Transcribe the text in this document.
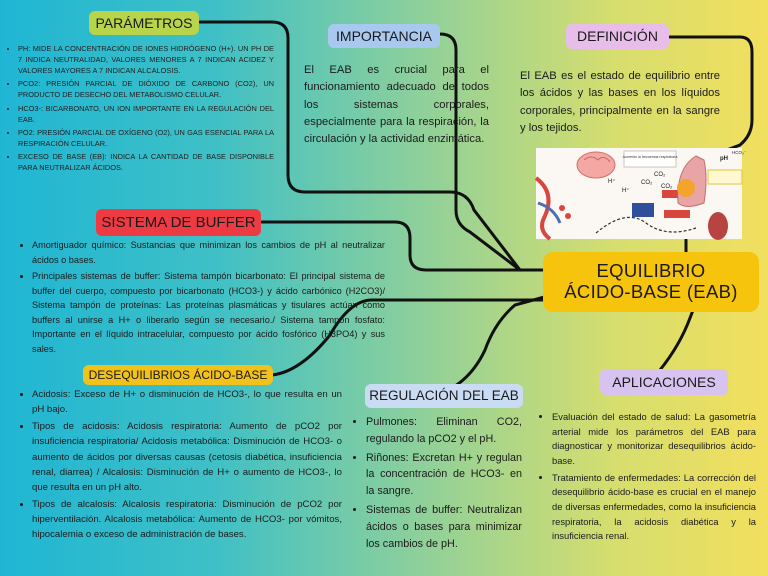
PARÁMETROS
• PH: MIDE LA CONCENTRACIÓN DE IONES HIDRÓGENO (H+). UN PH DE 7 INDICA NEUTRALIDAD, VALORES MENORES A 7 INDICAN ACIDEZ Y VALORES MAYORES A 7 INDICAN ALCALOSIS.
• PCO2: PRESIÓN PARCIAL DE DIÓXIDO DE CARBONO (CO2), UN PRODUCTO DE DESECHO DEL METABOLISMO CELULAR.
• HCO3-: BICARBONATO, UN ION IMPORTANTE EN LA REGULACIÓN DEL EAB.
• PO2: PRESIÓN PARCIAL DE OXÍGENO (O2), UN GAS ESENCIAL PARA LA RESPIRACIÓN CELULAR.
• EXCESO DE BASE (EB): INDICA LA CANTIDAD DE BASE DISPONIBLE PARA NEUTRALIZAR ÁCIDOS.
IMPORTANCIA
El EAB es crucial para el funcionamiento adecuado de todos los sistemas corporales, especialmente para la respiración, la circulación y la actividad enzimática.
DEFINICIÓN
El EAB es el estado de equilibrio entre los ácidos y las bases en los líquidos corporales, principalmente en la sangre y los tejidos.
Aumento la frecuencia respiratoria
H⁺
H⁺
CO₂
CO₂
CO₂
pH
HCO₃⁻
SISTEMA DE BUFFER
• Amortiguador químico: Sustancias que minimizan los cambios de pH al neutralizar ácidos o bases.
• Principales sistemas de buffer: Sistema tampón bicarbonato: El principal sistema de buffer del cuerpo, compuesto por bicarbonato (HCO3-) y ácido carbónico (H2CO3)/ Sistema tampón de proteínas: Las proteínas plasmáticas y tisulares actúan como buffers al unirse a H+ o liberarlo según se necesario./ Sistema tampón fosfato: Importante en el líquido intracelular, compuesto por ácido fosfórico (H3PO4) y sus sales.
EQUILIBRIO ÁCIDO-BASE (EAB)
DESEQUILIBRIOS ÁCIDO-BASE
• Acidosis: Exceso de H+ o disminución de HCO3-, lo que resulta en un pH bajo.
• Tipos de acidosis: Acidosis respiratoria: Aumento de pCO2 por insuficiencia respiratoria/ Acidosis metabólica: Disminución de HCO3- o aumento de ácidos por diversas causas (cetosis diabética, insuficiencia renal, diarrea) / Alcalosis: Disminución de H+ o aumento de HCO3-, lo que resulta en un pH alto.
• Tipos de alcalosis: Alcalosis respiratoria: Disminución de pCO2 por hiperventilación. Alcalosis metabólica: Aumento de HCO3- por vómitos, hipocalemia o exceso de administración de bases.
REGULACIÓN DEL EAB
• Pulmones: Eliminan CO2, regulando la pCO2 y el pH.
• Riñones: Excretan H+ y regulan la concentración de HCO3- en la sangre.
• Sistemas de buffer: Neutralizan ácidos o bases para minimizar los cambios de pH.
APLICACIONES
• Evaluación del estado de salud: La gasometría arterial mide los parámetros del EAB para diagnosticar y monitorizar desequilibrios ácido-base.
• Tratamiento de enfermedades: La corrección del desequilibrio ácido-base es crucial en el manejo de diversas enfermedades, como la insuficiencia respiratoria, la acidosis diabética y la insuficiencia renal.
